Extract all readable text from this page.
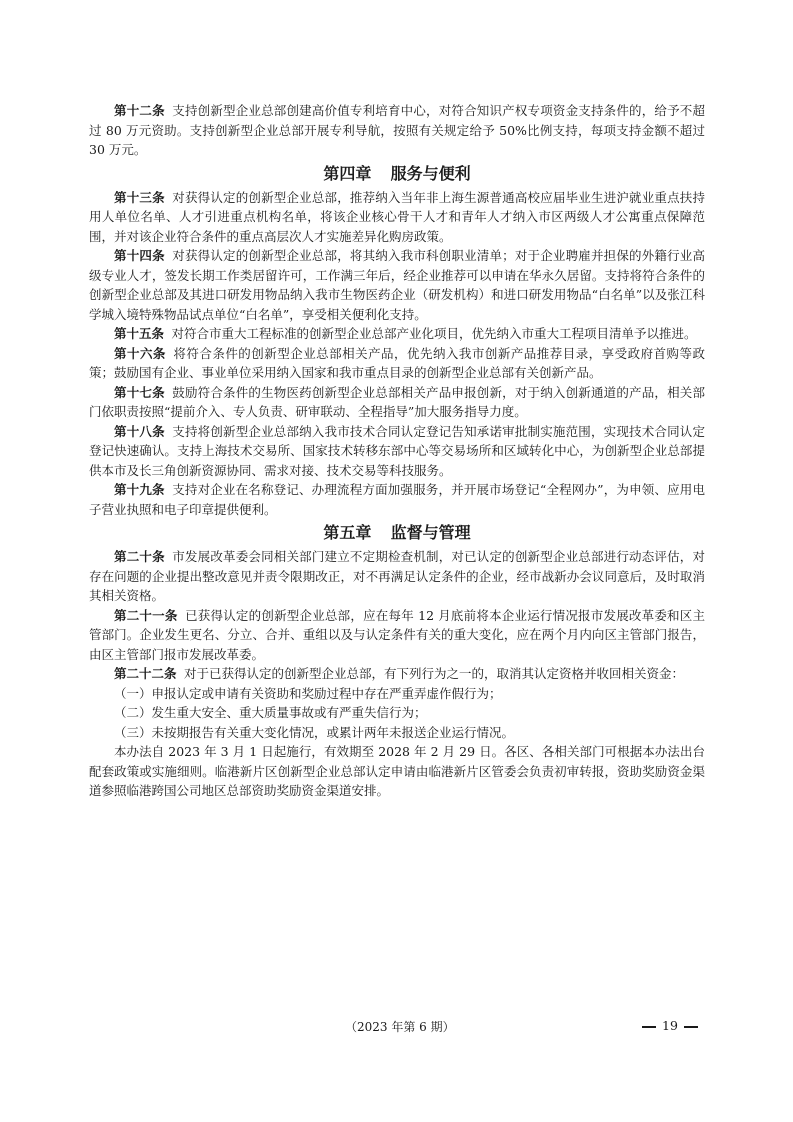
第十二条 支持创新型企业总部创建高价值专利培育中心，对符合知识产权专项资金支持条件的，给予不超过 80 万元资助。支持创新型企业总部开展专利导航，按照有关规定给予 50%比例支持，每项支持金额不超过 30 万元。

第四章 服务与便利

第十三条 对获得认定的创新型企业总部，推荐纳入当年非上海生源普通高校应届毕业生进沪就业重点扶持用人单位名单、人才引进重点机构名单，将该企业核心骨干人才和青年人才纳入市区两级人才公寓重点保障范围，并对该企业符合条件的重点高层次人才实施差异化购房政策。

第十四条 对获得认定的创新型企业总部，将其纳入我市科创职业清单；对于企业聘雇并担保的外籍行业高级专业人才，签发长期工作类居留许可，工作满三年后，经企业推荐可以申请在华永久居留。支持将符合条件的创新型企业总部及其进口研发用物品纳入我市生物医药企业（研发机构）和进口研发用物品“白名单”以及张江科学城入境特殊物品试点单位“白名单”，享受相关便利化支持。

第十五条 对符合市重大工程标准的创新型企业总部产业化项目，优先纳入市重大工程项目清单予以推进。

第十六条 将符合条件的创新型企业总部相关产品，优先纳入我市创新产品推荐目录，享受政府首购等政策；鼓励国有企业、事业单位采用纳入国家和我市重点目录的创新型企业总部有关创新产品。

第十七条 鼓励符合条件的生物医药创新型企业总部相关产品申报创新，对于纳入创新通道的产品，相关部门依职责按照“提前介入、专人负责、研审联动、全程指导”加大服务指导力度。

第十八条 支持将创新型企业总部纳入我市技术合同认定登记告知承诺审批制实施范围，实现技术合同认定登记快速确认。支持上海技术交易所、国家技术转移东部中心等交易场所和区域转化中心，为创新型企业总部提供本市及长三角创新资源协同、需求对接、技术交易等科技服务。

第十九条 支持对企业在名称登记、办理流程方面加强服务，并开展市场登记“全程网办”，为申领、应用电子营业执照和电子印章提供便利。

第五章 监督与管理

第二十条 市发展改革委会同相关部门建立不定期检查机制，对已认定的创新型企业总部进行动态评估，对存在问题的企业提出整改意见并责令限期改正，对不再满足认定条件的企业，经市战新办会议同意后，及时取消其相关资格。

第二十一条 已获得认定的创新型企业总部，应在每年 12 月底前将本企业运行情况报市发展改革委和区主管部门。企业发生更名、分立、合并、重组以及与认定条件有关的重大变化，应在两个月内向区主管部门报告，由区主管部门报市发展改革委。

第二十二条 对于已获得认定的创新型企业总部，有下列行为之一的，取消其认定资格并收回相关资金：

（一）申报认定或申请有关资助和奖励过程中存在严重弄虚作假行为；

（二）发生重大安全、重大质量事故或有严重失信行为；

（三）未按期报告有关重大变化情况，或累计两年未报送企业运行情况。

本办法自 2023 年 3 月 1 日起施行，有效期至 2028 年 2 月 29 日。各区、各相关部门可根据本办法出台配套政策或实施细则。临港新片区创新型企业总部认定申请由临港新片区管委会负责初审转报，资助奖励资金渠道参照临港跨国公司地区总部资助奖励资金渠道安排。

（2023 年第 6 期）	19
